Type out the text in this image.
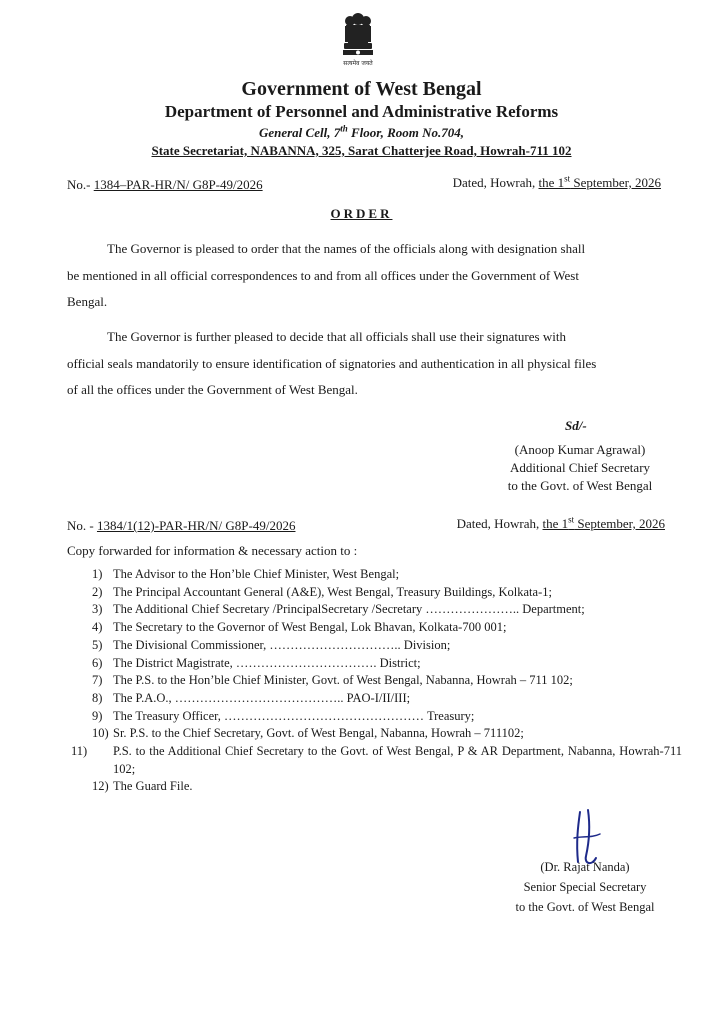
सत्यमेव जयते
Government of West Bengal
Department of Personnel and Administrative Reforms
General Cell, 7th Floor, Room No.704,
State Secretariat, NABANNA, 325, Sarat Chatterjee Road, Howrah-711 102
No.- 1384–PAR-HR/N/ G8P-49/2026	Dated, Howrah, the 1st September, 2026
ORDER
The Governor is pleased to order that the names of the officials along with designation shall
be mentioned in all official correspondences to and from all offices under the Government of West
Bengal.
The Governor is further pleased to decide that all officials shall use their signatures with
official seals mandatorily to ensure identification of signatories and authentication in all physical files
of all the offices under the Government of West Bengal.
Sd/-
(Anoop Kumar Agrawal)
Additional Chief Secretary
to the Govt. of West Bengal
No. - 1384/1(12)-PAR-HR/N/ G8P-49/2026	Dated, Howrah, the 1st September, 2026
Copy forwarded for information & necessary action to :
1) The Advisor to the Hon’ble Chief Minister, West Bengal;
2) The Principal Accountant General (A&E), West Bengal, Treasury Buildings, Kolkata-1;
3) The Additional Chief Secretary /PrincipalSecretary /Secretary ………………….. Department;
4) The Secretary to the Governor of West Bengal, Lok Bhavan, Kolkata-700 001;
5) The Divisional Commissioner, ………………………….. Division;
6) The District Magistrate, ……………………………. District;
7) The P.S. to the Hon’ble Chief Minister, Govt. of West Bengal, Nabanna, Howrah – 711 102;
8) The P.A.O., ………………………………….. PAO-I/II/III;
9) The Treasury Officer, ………………………………………… Treasury;
10) Sr. P.S. to the Chief Secretary, Govt. of West Bengal, Nabanna, Howrah – 711102;
11) P.S. to the Additional Chief Secretary to the Govt. of West Bengal, P & AR Department, Nabanna, Howrah-711 102;
12) The Guard File.
(Dr. Rajat Nanda)
Senior Special Secretary
to the Govt. of West Bengal
